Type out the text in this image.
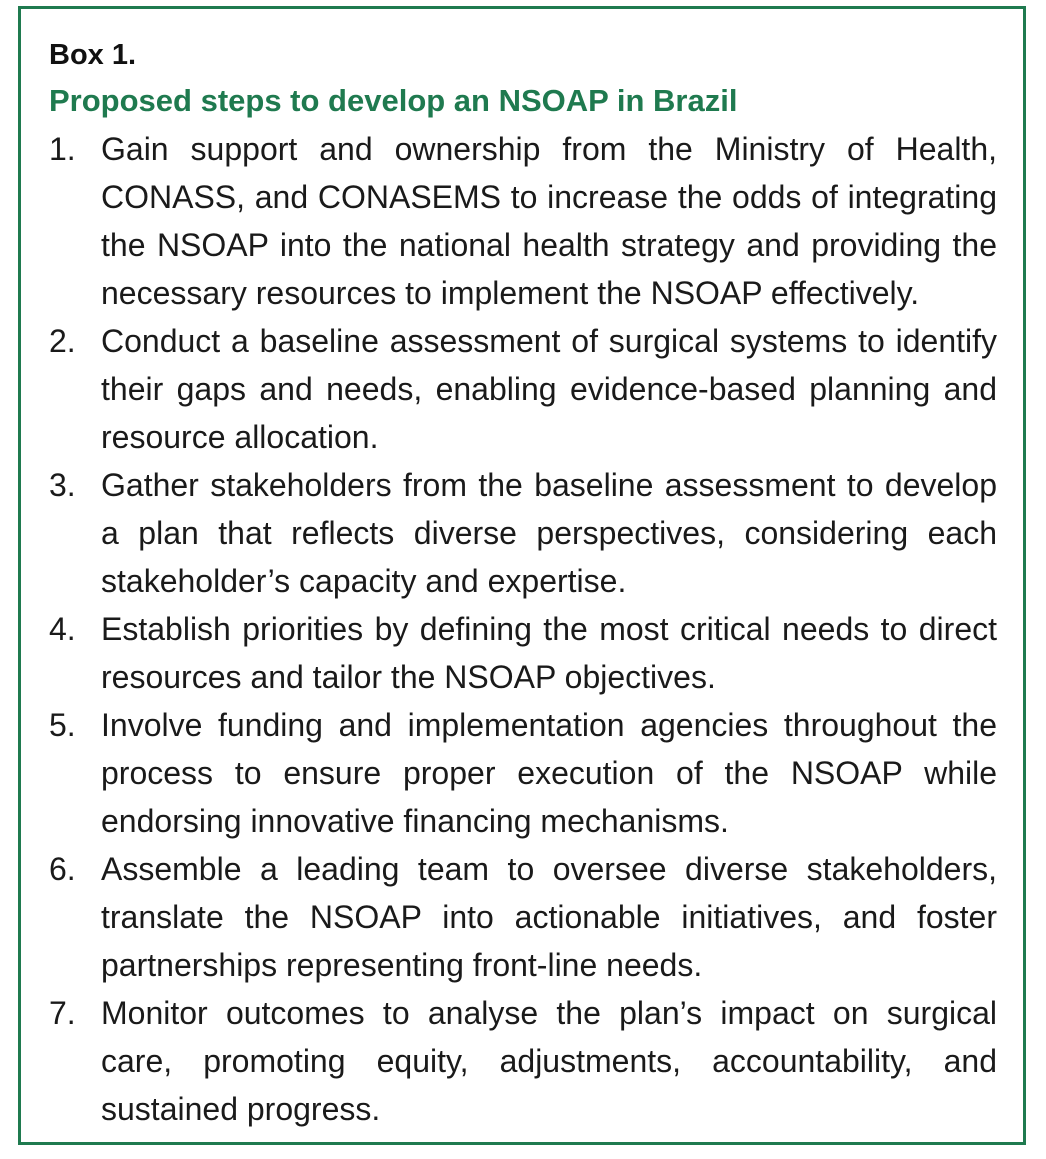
Box 1.
Proposed steps to develop an NSOAP in Brazil
1. Gain support and ownership from the Ministry of Health, CONASS, and CONASEMS to increase the odds of integrating the NSOAP into the national health strategy and providing the necessary resources to implement the NSOAP effectively.
2. Conduct a baseline assessment of surgical systems to identify their gaps and needs, enabling evidence-based planning and resource allocation.
3. Gather stakeholders from the baseline assessment to develop a plan that reflects diverse perspectives, considering each stakeholder’s capacity and expertise.
4. Establish priorities by defining the most critical needs to direct resources and tailor the NSOAP objectives.
5. Involve funding and implementation agencies throughout the process to ensure proper execution of the NSOAP while endorsing innovative financing mechanisms.
6. Assemble a leading team to oversee diverse stakeholders, translate the NSOAP into actionable initiatives, and foster partnerships representing front-line needs.
7. Monitor outcomes to analyse the plan’s impact on surgical care, promoting equity, adjustments, accountability, and sustained progress.
